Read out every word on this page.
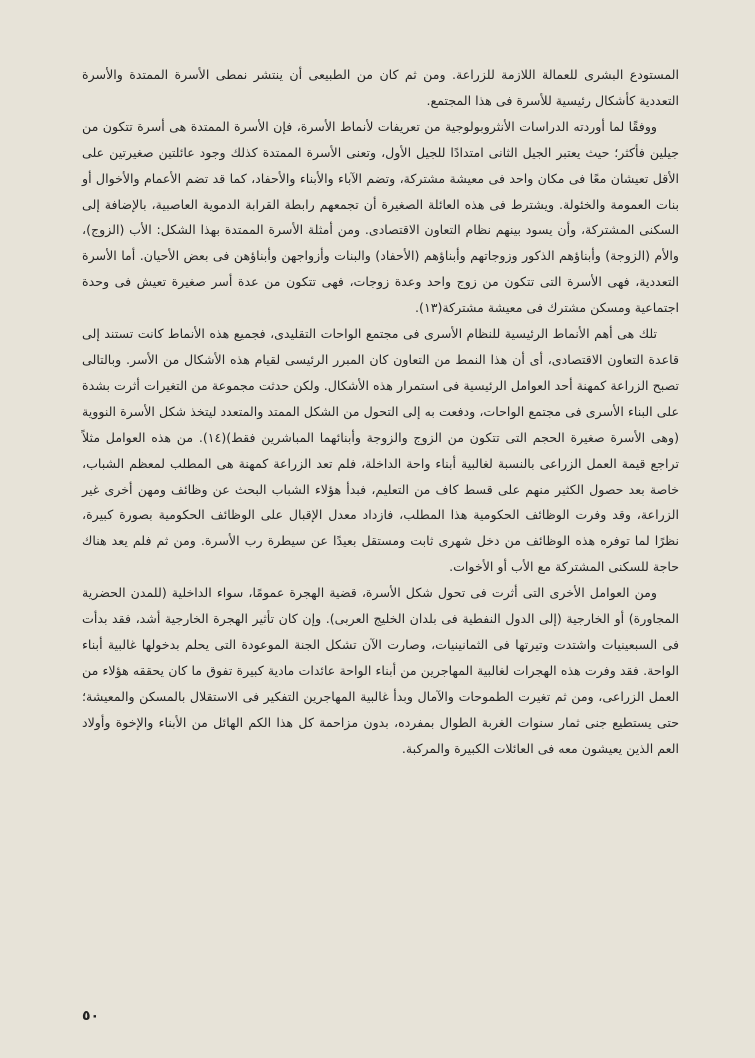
المستودع البشرى للعمالة اللازمة للزراعة. ومن ثم كان من الطبيعى أن ينتشر نمطى الأسرة الممتدة والأسرة التعددية كأشكال رئيسية للأسرة فى هذا المجتمع.

ووفقًا لما أوردته الدراسات الأنثروبولوجية من تعريفات لأنماط الأسرة، فإن الأسرة الممتدة هى أسرة تتكون من جيلين فأكثر؛ حيث يعتبر الجيل الثانى امتدادًا للجيل الأول، وتعنى الأسرة الممتدة كذلك وجود عائلتين صغيرتين على الأقل تعيشان معًا فى مكان واحد فى معيشة مشتركة، وتضم الآباء والأبناء والأحفاد، كما قد تضم الأعمام والأخوال أو بنات العمومة والخئولة. ويشترط فى هذه العائلة الصغيرة أن تجمعهم رابطة القرابة الدموية العاصبية، بالإضافة إلى السكنى المشتركة، وأن يسود بينهم نظام التعاون الاقتصادى. ومن أمثلة الأسرة الممتدة بهذا الشكل: الأب (الزوج)، والأم (الزوجة) وأبناؤهم الذكور وزوجاتهم وأبناؤهم (الأحفاد) والبنات وأزواجهن وأبناؤهن فى بعض الأحيان. أما الأسرة التعددية، فهى الأسرة التى تتكون من زوج واحد وعدة زوجات، فهى تتكون من عدة أسر صغيرة تعيش فى وحدة اجتماعية ومسكن مشترك فى معيشة مشتركة(١٣).

تلك هى أهم الأنماط الرئيسية للنظام الأسرى فى مجتمع الواحات التقليدى، فجميع هذه الأنماط كانت تستند إلى قاعدة التعاون الاقتصادى، أى أن هذا النمط من التعاون كان المبرر الرئيسى لقيام هذه الأشكال من الأسر. وبالتالى تصبح الزراعة كمهنة أحد العوامل الرئيسية فى استمرار هذه الأشكال. ولكن حدثت مجموعة من التغيرات أثرت بشدة على البناء الأسرى فى مجتمع الواحات، ودفعت به إلى التحول من الشكل الممتد والمتعدد ليتخذ شكل الأسرة النووية (وهى الأسرة صغيرة الحجم التى تتكون من الزوج والزوجة وأبنائهما المباشرين فقط)(١٤). من هذه العوامل مثلاً تراجع قيمة العمل الزراعى بالنسبة لغالبية أبناء واحة الداخلة، فلم تعد الزراعة كمهنة هى المطلب لمعظم الشباب، خاصة بعد حصول الكثير منهم على قسط كاف من التعليم، فبدأ هؤلاء الشباب البحث عن وظائف ومهن أخرى غير الزراعة، وقد وفرت الوظائف الحكومية هذا المطلب، فازداد معدل الإقبال على الوظائف الحكومية بصورة كبيرة، نظرًا لما توفره هذه الوظائف من دخل شهرى ثابت ومستقل بعيدًا عن سيطرة رب الأسرة. ومن ثم فلم يعد هناك حاجة للسكنى المشتركة مع الأب أو الأخوات.

ومن العوامل الأخرى التى أثرت فى تحول شكل الأسرة، قضية الهجرة عمومًا، سواء الداخلية (للمدن الحضرية المجاورة) أو الخارجية (إلى الدول النفطية فى بلدان الخليج العربى). وإن كان تأثير الهجرة الخارجية أشد، فقد بدأت فى السبعينيات واشتدت وتيرتها فى الثمانينيات، وصارت الآن تشكل الجنة الموعودة التى يحلم بدخولها غالبية أبناء الواحة. فقد وفرت هذه الهجرات لغالبية المهاجرين من أبناء الواحة عائدات مادية كبيرة تفوق ما كان يحققه هؤلاء من العمل الزراعى، ومن ثم تغيرت الطموحات والآمال وبدأ غالبية المهاجرين التفكير فى الاستقلال بالمسكن والمعيشة؛ حتى يستطيع جنى ثمار سنوات الغربة الطوال بمفرده، بدون مزاحمة كل هذا الكم الهائل من الأبناء والإخوة وأولاد العم الذين يعيشون معه فى العائلات الكبيرة والمركبة.

٥٠
